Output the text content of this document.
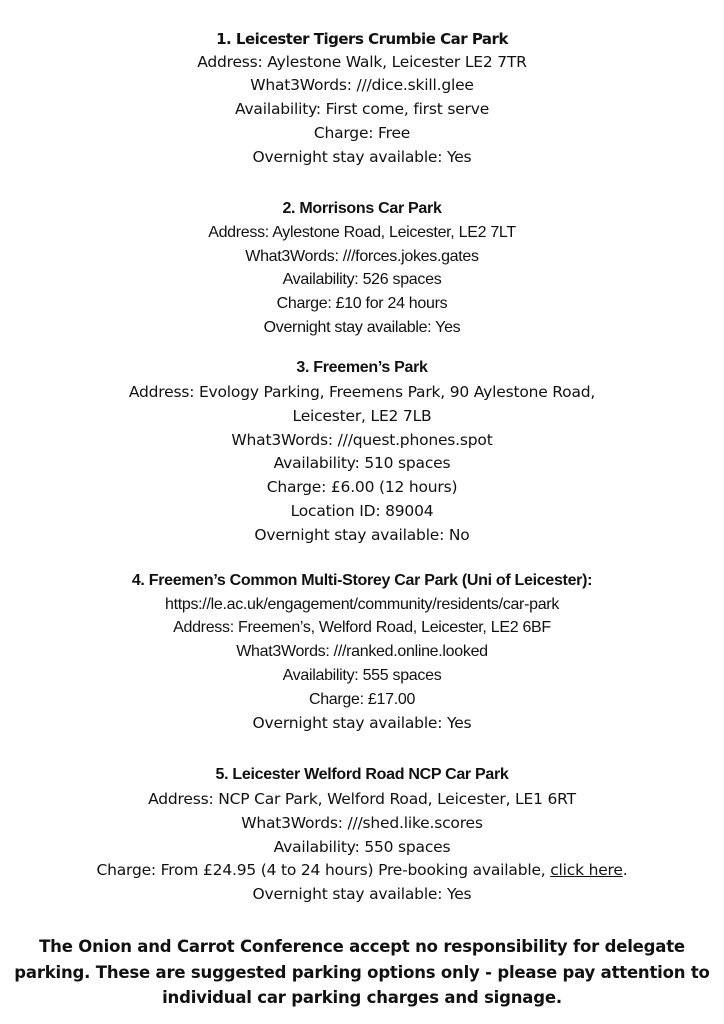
1. Leicester Tigers Crumbie Car Park
Address: Aylestone Walk, Leicester LE2 7TR
What3Words: ///dice.skill.glee
Availability: First come, first serve
Charge: Free
Overnight stay available: Yes
2. Morrisons Car Park
Address: Aylestone Road, Leicester, LE2 7LT
What3Words: ///forces.jokes.gates
Availability: 526 spaces
Charge: £10 for 24 hours
Overnight stay available: Yes
3. Freemen’s Park
Address: Evology Parking, Freemens Park, 90 Aylestone Road,
Leicester, LE2 7LB
What3Words: ///quest.phones.spot
Availability: 510 spaces
Charge: £6.00 (12 hours)
Location ID: 89004
Overnight stay available: No
4. Freemen’s Common Multi-Storey Car Park (Uni of Leicester):
https://le.ac.uk/engagement/community/residents/car-park
Address: Freemen’s, Welford Road, Leicester, LE2 6BF
What3Words: ///ranked.online.looked
Availability: 555 spaces
Charge: £17.00
Overnight stay available: Yes
5. Leicester Welford Road NCP Car Park
Address: NCP Car Park, Welford Road, Leicester, LE1 6RT
What3Words: ///shed.like.scores
Availability: 550 spaces
Charge: From £24.95 (4 to 24 hours) Pre-booking available, click here.
Overnight stay available: Yes
The Onion and Carrot Conference accept no responsibility for delegate parking. These are suggested parking options only - please pay attention to individual car parking charges and signage.
